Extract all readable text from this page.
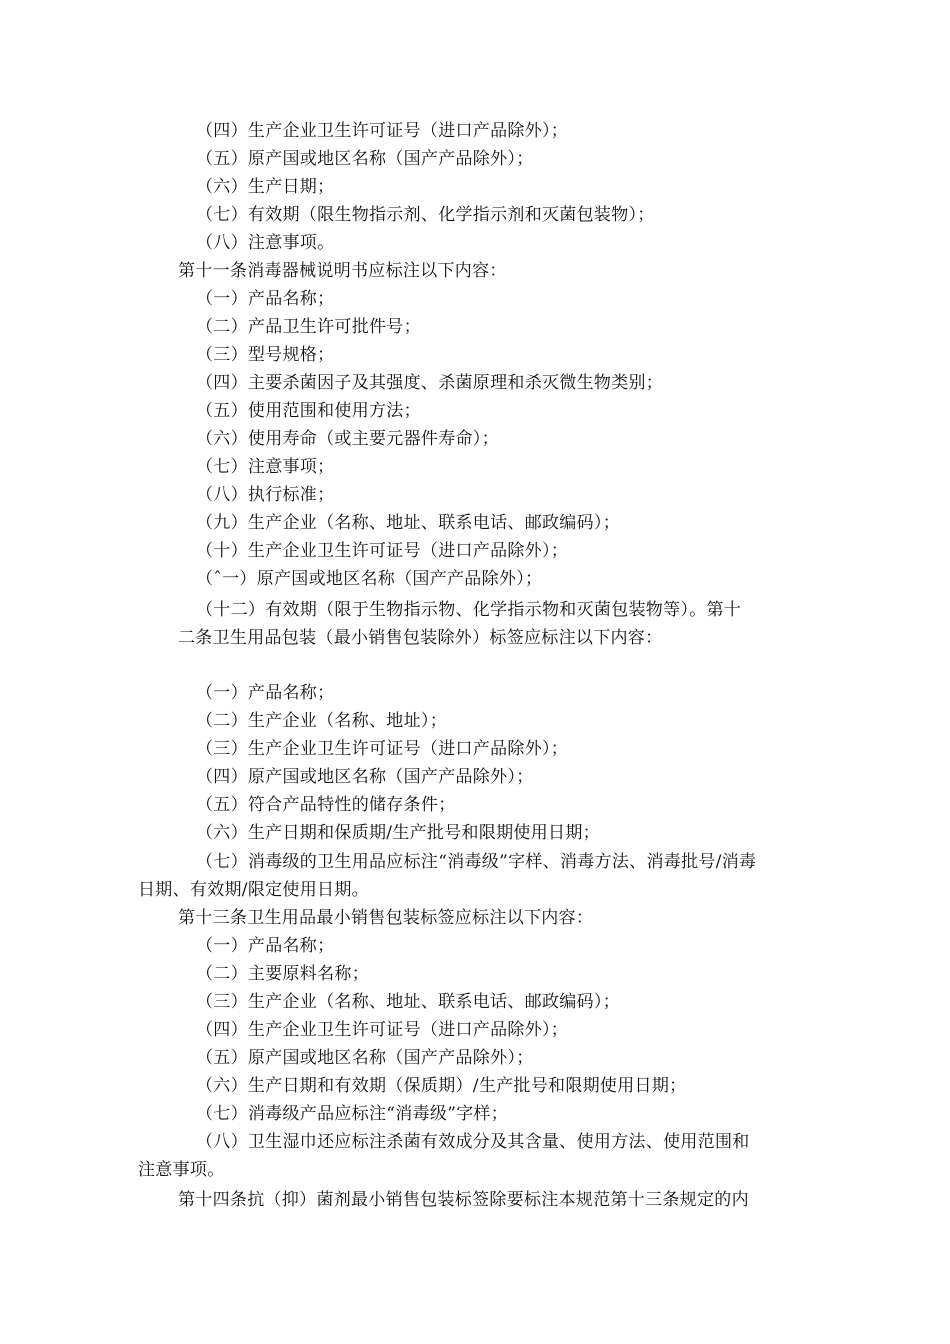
（四）生产企业卫生许可证号（进口产品除外）；
（五）原产国或地区名称（国产产品除外）；
（六）生产日期；
（七）有效期（限生物指示剂、化学指示剂和灭菌包装物）；
（八）注意事项。
第十一条消毒器械说明书应标注以下内容：
（一）产品名称；
（二）产品卫生许可批件号；
（三）型号规格；
（四）主要杀菌因子及其强度、杀菌原理和杀灭微生物类别；
（五）使用范围和使用方法；
（六）使用寿命（或主要元器件寿命）；
（七）注意事项；
（八）执行标准；
（九）生产企业（名称、地址、联系电话、邮政编码）；
（十）生产企业卫生许可证号（进口产品除外）；
（ˆ一）原产国或地区名称（国产产品除外）；
（十二）有效期（限于生物指示物、化学指示物和灭菌包装物等）。第十
二条卫生用品包装（最小销售包装除外）标签应标注以下内容：
（一）产品名称；
（二）生产企业（名称、地址）；
（三）生产企业卫生许可证号（进口产品除外）；
（四）原产国或地区名称（国产产品除外）；
（五）符合产品特性的储存条件；
（六）生产日期和保质期/生产批号和限期使用日期；
（七）消毒级的卫生用品应标注“消毒级”字样、消毒方法、消毒批号/消毒
日期、有效期/限定使用日期。
第十三条卫生用品最小销售包装标签应标注以下内容：
（一）产品名称；
（二）主要原料名称；
（三）生产企业（名称、地址、联系电话、邮政编码）；
（四）生产企业卫生许可证号（进口产品除外）；
（五）原产国或地区名称（国产产品除外）；
（六）生产日期和有效期（保质期）/生产批号和限期使用日期；
（七）消毒级产品应标注“消毒级”字样；
（八）卫生湿巾还应标注杀菌有效成分及其含量、使用方法、使用范围和
注意事项。
第十四条抗（抑）菌剂最小销售包装标签除要标注本规范第十三条规定的内
